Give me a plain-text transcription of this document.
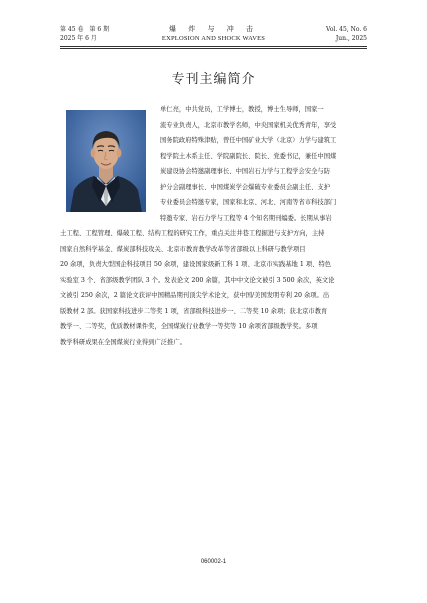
第 45 卷　第 6 期
2025 年 6 月
爆 炸 与 冲 击
EXPLOSION AND SHOCK WAVES
Vol. 45, No. 6
Jun., 2025
专刊主编简介
单仁亮，中共党员，工学博士，教授，博士生导师，国家一
流专业负责人，北京市教学名师，中央国家机关优秀青年，享受
国务院政府特殊津贴，曾任中国矿业大学（北京）力学与建筑工
程学院土木系主任、学院副院长、院长、党委书记，兼任中国煤
炭建设协会特邀副理事长、中国岩石力学与工程学会安全与防
护分会副理事长、中国煤炭学会爆破专业委员会副主任、支护
专业委员会特邀专家，国家和北京、河北、河南等省市科技部门
特邀专家、岩石力学与工程等 4 个知名期刊编委。长期从事岩
土工程、工程管理、爆破工程、结构工程的研究工作，重点关注井巷工程掘进与支护方向，主持
国家自然科学基金、煤炭部科技攻关、北京市教育教学改革等省部级以上科研与教学项目
20 余项，负责大型国企科技项目 50 余项，建设国家级新工科 1 项、北京市实践基地 1 项、特色
实验室 3 个、省部级教学团队 3 个。发表论文 200 余篇，其中中文论文被引 3 500 余次，英文论
文被引 250 余次，2 篇论文获评中国精品期刊顶尖学术论文，获中国/美国发明专利 20 余项。出
版教材 2 部。获国家科技进步二等奖 1 项，省部级科技进步一、二等奖 10 余项；获北京市教育
教学一、二等奖，优质教材课件奖，全国煤炭行业教学一等奖等 10 余项省部级教学奖。多项
教学科研成果在全国煤炭行业得到广泛推广。
060002-1
